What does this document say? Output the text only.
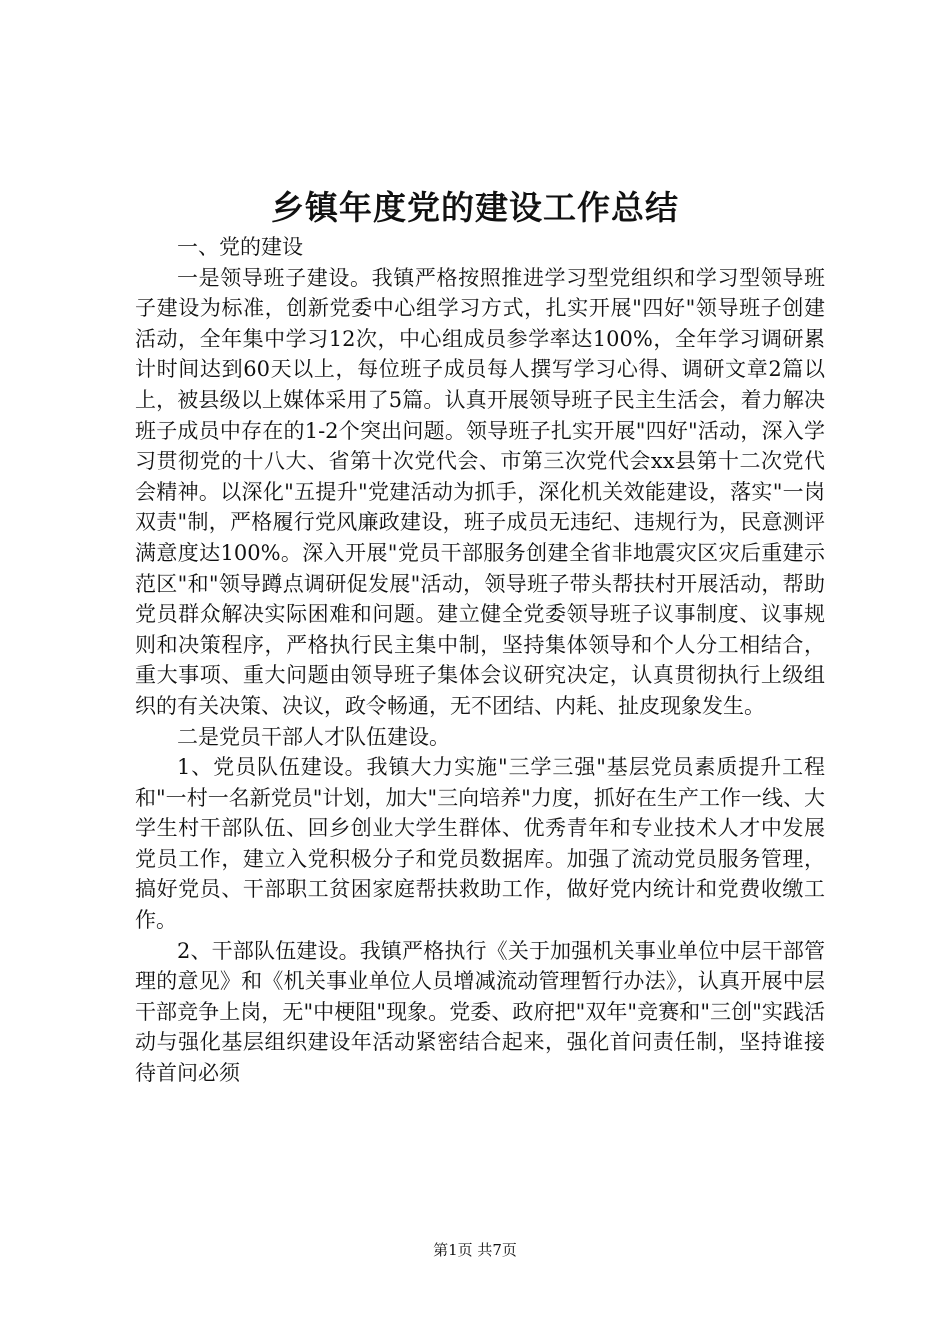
乡镇年度党的建设工作总结

一、党的建设

一是领导班子建设。我镇严格按照推进学习型党组织和学习型领导班子建设为标准，创新党委中心组学习方式，扎实开展"四好"领导班子创建活动，全年集中学习12次，中心组成员参学率达100%，全年学习调研累计时间达到60天以上，每位班子成员每人撰写学习心得、调研文章2篇以上，被县级以上媒体采用了5篇。认真开展领导班子民主生活会，着力解决班子成员中存在的1-2个突出问题。领导班子扎实开展"四好"活动，深入学习贯彻党的十八大、省第十次党代会、市第三次党代会xx县第十二次党代会精神。以深化"五提升"党建活动为抓手，深化机关效能建设，落实"一岗双责"制，严格履行党风廉政建设，班子成员无违纪、违规行为，民意测评满意度达100%。深入开展"党员干部服务创建全省非地震灾区灾后重建示范区"和"领导蹲点调研促发展"活动，领导班子带头帮扶村开展活动，帮助党员群众解决实际困难和问题。建立健全党委领导班子议事制度、议事规则和决策程序，严格执行民主集中制，坚持集体领导和个人分工相结合，重大事项、重大问题由领导班子集体会议研究决定，认真贯彻执行上级组织的有关决策、决议，政令畅通，无不团结、内耗、扯皮现象发生。

二是党员干部人才队伍建设。

1、党员队伍建设。我镇大力实施"三学三强"基层党员素质提升工程和"一村一名新党员"计划，加大"三向培养"力度，抓好在生产工作一线、大学生村干部队伍、回乡创业大学生群体、优秀青年和专业技术人才中发展党员工作，建立入党积极分子和党员数据库。加强了流动党员服务管理，搞好党员、干部职工贫困家庭帮扶救助工作，做好党内统计和党费收缴工作。

2、干部队伍建设。我镇严格执行《关于加强机关事业单位中层干部管理的意见》和《机关事业单位人员增减流动管理暂行办法》，认真开展中层干部竞争上岗，无"中梗阻"现象。党委、政府把"双年"竞赛和"三创"实践活动与强化基层组织建设年活动紧密结合起来，强化首问责任制，坚持谁接待首问必须

第1页 共7页
